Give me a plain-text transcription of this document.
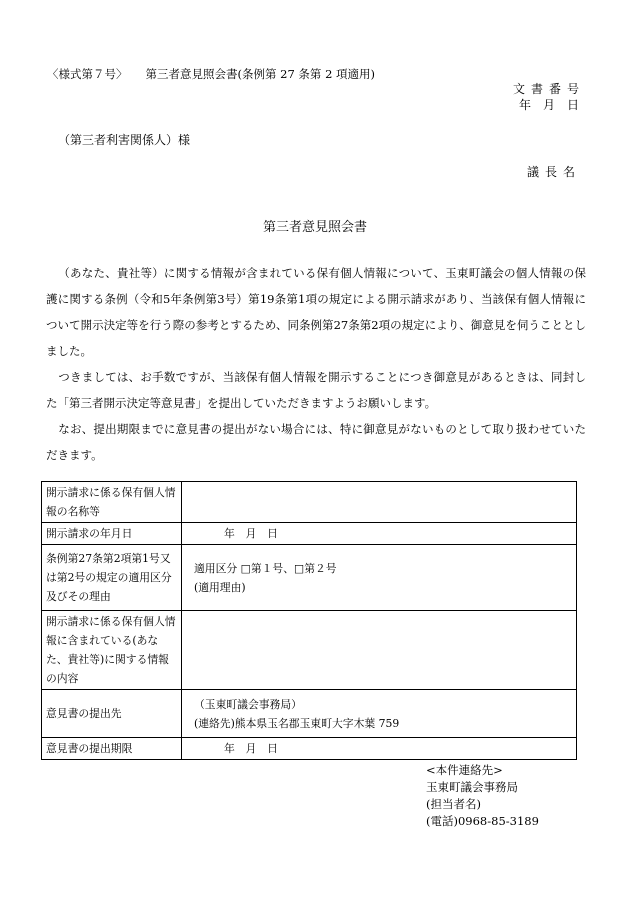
〈様式第７号〉 第三者意見照会書(条例第 27 条第 2 項適用)
文書番号
年　月　日
（第三者利害関係人）様
議長名
第三者意見照会書
（あなた、貴社等）に関する情報が含まれている保有個人情報について、玉東町議会の個人情報の保護に関する条例（令和5年条例第3号）第19条第1項の規定による開示請求があり、当該保有個人情報について開示決定等を行う際の参考とするため、同条例第27条第2項の規定により、御意見を伺うこととしました。
つきましては、お手数ですが、当該保有個人情報を開示することにつき御意見があるときは、同封した「第三者開示決定等意見書」を提出していただきますようお願いします。
なお、提出期限までに意見書の提出がない場合には、特に御意見がないものとして取り扱わせていただきます。
開示請求に係る保有個人情報の名称等	
開示請求の年月日	年　月　日
条例第27条第2項第1号又は第2号の規定の適用区分及びその理由	適用区分 □第１号、□第２号
(適用理由)

開示請求に係る保有個人情報に含まれている(あなた、貴社等)に関する情報の内容	
意見書の提出先	（玉東町議会事務局）
(連絡先)熊本県玉名郡玉東町大字木葉 759

意見書の提出期限	年　月　日
<本件連絡先>
玉東町議会事務局
(担当者名)
(電話)0968-85-3189
